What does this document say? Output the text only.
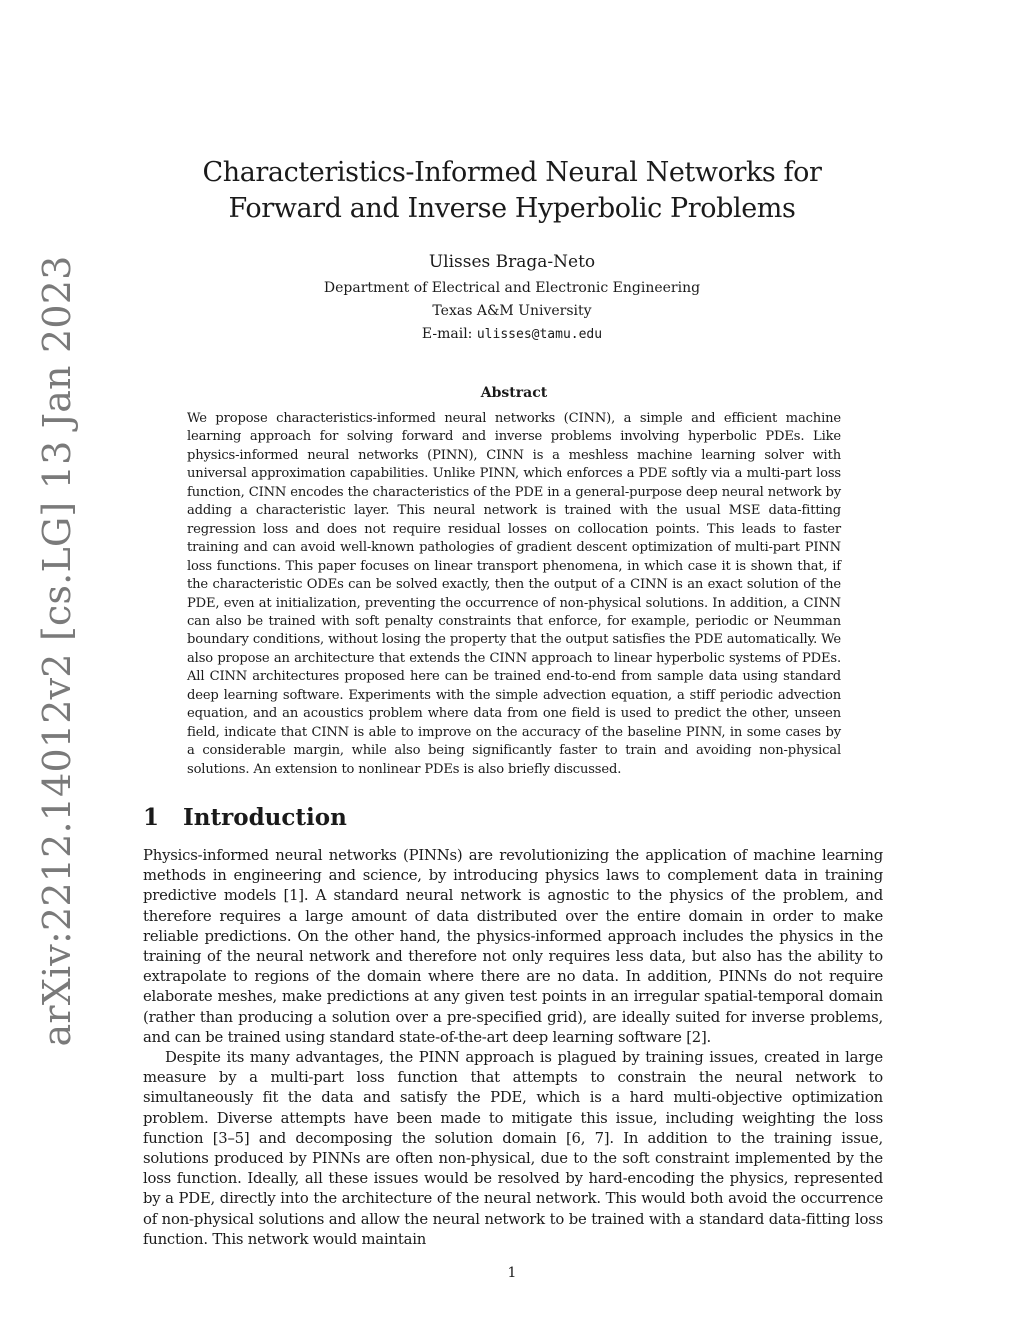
arXiv:2212.14012v2 [cs.LG] 13 Jan 2023
Characteristics-Informed Neural Networks for
Forward and Inverse Hyperbolic Problems
Ulisses Braga-Neto
Department of Electrical and Electronic Engineering
Texas A&M University
E-mail: ulisses@tamu.edu
Abstract

We propose characteristics-informed neural networks (CINN), a simple and efficient machine learning approach for solving forward and inverse problems involving hyperbolic PDEs. Like physics-informed neural networks (PINN), CINN is a meshless machine learning solver with universal approximation capabilities. Unlike PINN, which enforces a PDE softly via a multi-part loss function, CINN encodes the characteristics of the PDE in a general-purpose deep neural network by adding a characteristic layer. This neural network is trained with the usual MSE data-fitting regression loss and does not require residual losses on collocation points. This leads to faster training and can avoid well-known pathologies of gradient descent optimization of multi-part PINN loss functions. This paper focuses on linear transport phenomena, in which case it is shown that, if the characteristic ODEs can be solved exactly, then the output of a CINN is an exact solution of the PDE, even at initialization, preventing the occurrence of non-physical solutions. In addition, a CINN can also be trained with soft penalty constraints that enforce, for example, periodic or Neumman boundary conditions, without losing the property that the output satisfies the PDE automatically. We also propose an architecture that extends the CINN approach to linear hyperbolic systems of PDEs. All CINN architectures proposed here can be trained end-to-end from sample data using standard deep learning software. Experiments with the simple advection equation, a stiff periodic advection equation, and an acoustics problem where data from one field is used to predict the other, unseen field, indicate that CINN is able to improve on the accuracy of the baseline PINN, in some cases by a considerable margin, while also being significantly faster to train and avoiding non-physical solutions. An extension to nonlinear PDEs is also briefly discussed.

1 Introduction

Physics-informed neural networks (PINNs) are revolutionizing the application of machine learning methods in engineering and science, by introducing physics laws to complement data in training predictive models [1]. A standard neural network is agnostic to the physics of the problem, and therefore requires a large amount of data distributed over the entire domain in order to make reliable predictions. On the other hand, the physics-informed approach includes the physics in the training of the neural network and therefore not only requires less data, but also has the ability to extrapolate to regions of the domain where there are no data. In addition, PINNs do not require elaborate meshes, make predictions at any given test points in an irregular spatial-temporal domain (rather than producing a solution over a pre-specified grid), are ideally suited for inverse problems, and can be trained using standard state-of-the-art deep learning software [2].

Despite its many advantages, the PINN approach is plagued by training issues, created in large measure by a multi-part loss function that attempts to constrain the neural network to simultaneously fit the data and satisfy the PDE, which is a hard multi-objective optimization problem. Diverse attempts have been made to mitigate this issue, including weighting the loss function [3–5] and decomposing the solution domain [6, 7]. In addition to the training issue, solutions produced by PINNs are often non-physical, due to the soft constraint implemented by the loss function. Ideally, all these issues would be resolved by hard-encoding the physics, represented by a PDE, directly into the architecture of the neural network. This would both avoid the occurrence of non-physical solutions and allow the neural network to be trained with a standard data-fitting loss function. This network would maintain

1
